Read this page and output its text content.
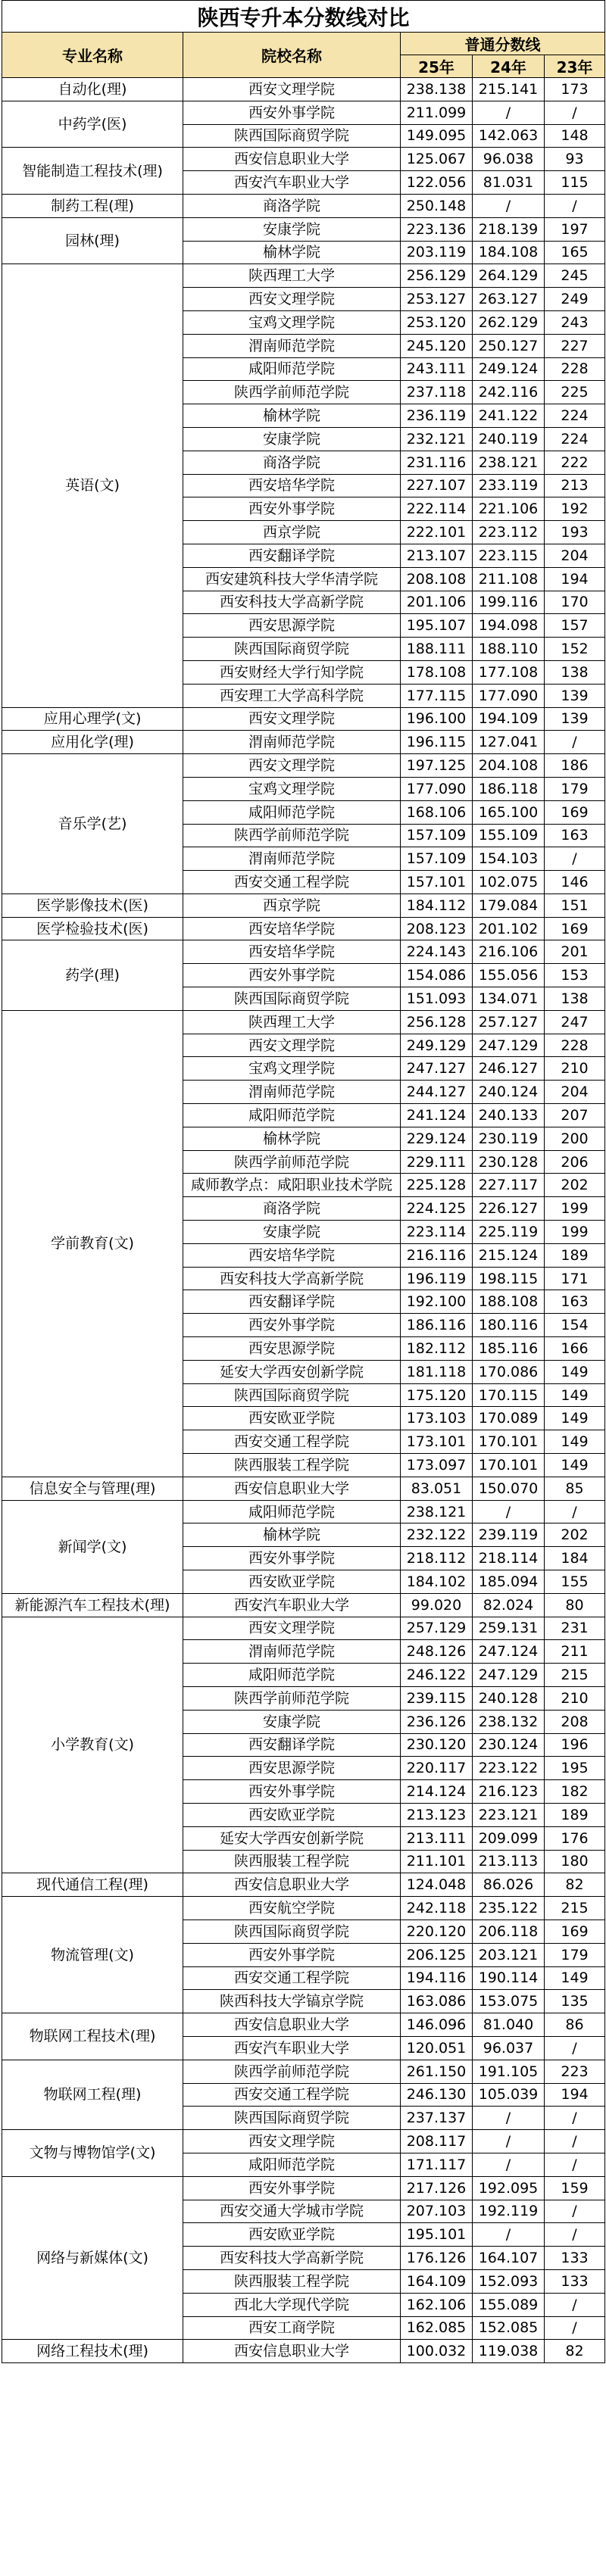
陕西专升本分数线对比				
专业名称	院校名称	普通分数线		
		25年	24年	23年
自动化(理)	西安文理学院	238.138	215.141	173
中药学(医)	西安外事学院	211.099	/	/
	陕西国际商贸学院	149.095	142.063	148
智能制造工程技术(理)	西安信息职业大学	125.067	96.038	93
	西安汽车职业大学	122.056	81.031	115
制药工程(理)	商洛学院	250.148	/	/
园林(理)	安康学院	223.136	218.139	197
	榆林学院	203.119	184.108	165
英语(文)	陕西理工大学	256.129	264.129	245
	西安文理学院	253.127	263.127	249
	宝鸡文理学院	253.120	262.129	243
	渭南师范学院	245.120	250.127	227
	咸阳师范学院	243.111	249.124	228
	陕西学前师范学院	237.118	242.116	225
	榆林学院	236.119	241.122	224
	安康学院	232.121	240.119	224
	商洛学院	231.116	238.121	222
	西安培华学院	227.107	233.119	213
	西安外事学院	222.114	221.106	192
	西京学院	222.101	223.112	193
	西安翻译学院	213.107	223.115	204
	西安建筑科技大学华清学院	208.108	211.108	194
	西安科技大学高新学院	201.106	199.116	170
	西安思源学院	195.107	194.098	157
	陕西国际商贸学院	188.111	188.110	152
	西安财经大学行知学院	178.108	177.108	138
	西安理工大学高科学院	177.115	177.090	139
应用心理学(文)	西安文理学院	196.100	194.109	139
应用化学(理)	渭南师范学院	196.115	127.041	/
音乐学(艺)	西安文理学院	197.125	204.108	186
	宝鸡文理学院	177.090	186.118	179
	咸阳师范学院	168.106	165.100	169
	陕西学前师范学院	157.109	155.109	163
	渭南师范学院	157.109	154.103	/
	西安交通工程学院	157.101	102.075	146
医学影像技术(医)	西京学院	184.112	179.084	151
医学检验技术(医)	西安培华学院	208.123	201.102	169
药学(理)	西安培华学院	224.143	216.106	201
	西安外事学院	154.086	155.056	153
	陕西国际商贸学院	151.093	134.071	138
学前教育(文)	陕西理工大学	256.128	257.127	247
	西安文理学院	249.129	247.129	228
	宝鸡文理学院	247.127	246.127	210
	渭南师范学院	244.127	240.124	204
	咸阳师范学院	241.124	240.133	207
	榆林学院	229.124	230.119	200
	陕西学前师范学院	229.111	230.128	206
	咸师教学点：咸阳职业技术学院	225.128	227.117	202
	商洛学院	224.125	226.127	199
	安康学院	223.114	225.119	199
	西安培华学院	216.116	215.124	189
	西安科技大学高新学院	196.119	198.115	171
	西安翻译学院	192.100	188.108	163
	西安外事学院	186.116	180.116	154
	西安思源学院	182.112	185.116	166
	延安大学西安创新学院	181.118	170.086	149
	陕西国际商贸学院	175.120	170.115	149
	西安欧亚学院	173.103	170.089	149
	西安交通工程学院	173.101	170.101	149
	陕西服装工程学院	173.097	170.101	149
信息安全与管理(理)	西安信息职业大学	83.051	150.070	85
新闻学(文)	咸阳师范学院	238.121	/	/
	榆林学院	232.122	239.119	202
	西安外事学院	218.112	218.114	184
	西安欧亚学院	184.102	185.094	155
新能源汽车工程技术(理)	西安汽车职业大学	99.020	82.024	80
小学教育(文)	西安文理学院	257.129	259.131	231
	渭南师范学院	248.126	247.124	211
	咸阳师范学院	246.122	247.129	215
	陕西学前师范学院	239.115	240.128	210
	安康学院	236.126	238.132	208
	西安翻译学院	230.120	230.124	196
	西安思源学院	220.117	223.122	195
	西安外事学院	214.124	216.123	182
	西安欧亚学院	213.123	223.121	189
	延安大学西安创新学院	213.111	209.099	176
	陕西服装工程学院	211.101	213.113	180
现代通信工程(理)	西安信息职业大学	124.048	86.026	82
物流管理(文)	西安航空学院	242.118	235.122	215
	陕西国际商贸学院	220.120	206.118	169
	西安外事学院	206.125	203.121	179
	西安交通工程学院	194.116	190.114	149
	陕西科技大学镐京学院	163.086	153.075	135
物联网工程技术(理)	西安信息职业大学	146.096	81.040	86
	西安汽车职业大学	120.051	96.037	/
物联网工程(理)	陕西学前师范学院	261.150	191.105	223
	西安交通工程学院	246.130	105.039	194
	陕西国际商贸学院	237.137	/	/
文物与博物馆学(文)	西安文理学院	208.117	/	/
	咸阳师范学院	171.117	/	/
网络与新媒体(文)	西安外事学院	217.126	192.095	159
	西安交通大学城市学院	207.103	192.119	/
	西安欧亚学院	195.101	/	/
	西安科技大学高新学院	176.126	164.107	133
	陕西服装工程学院	164.109	152.093	133
	西北大学现代学院	162.106	155.089	/
	西安工商学院	162.085	152.085	/
网络工程技术(理)	西安信息职业大学	100.032	119.038	82
